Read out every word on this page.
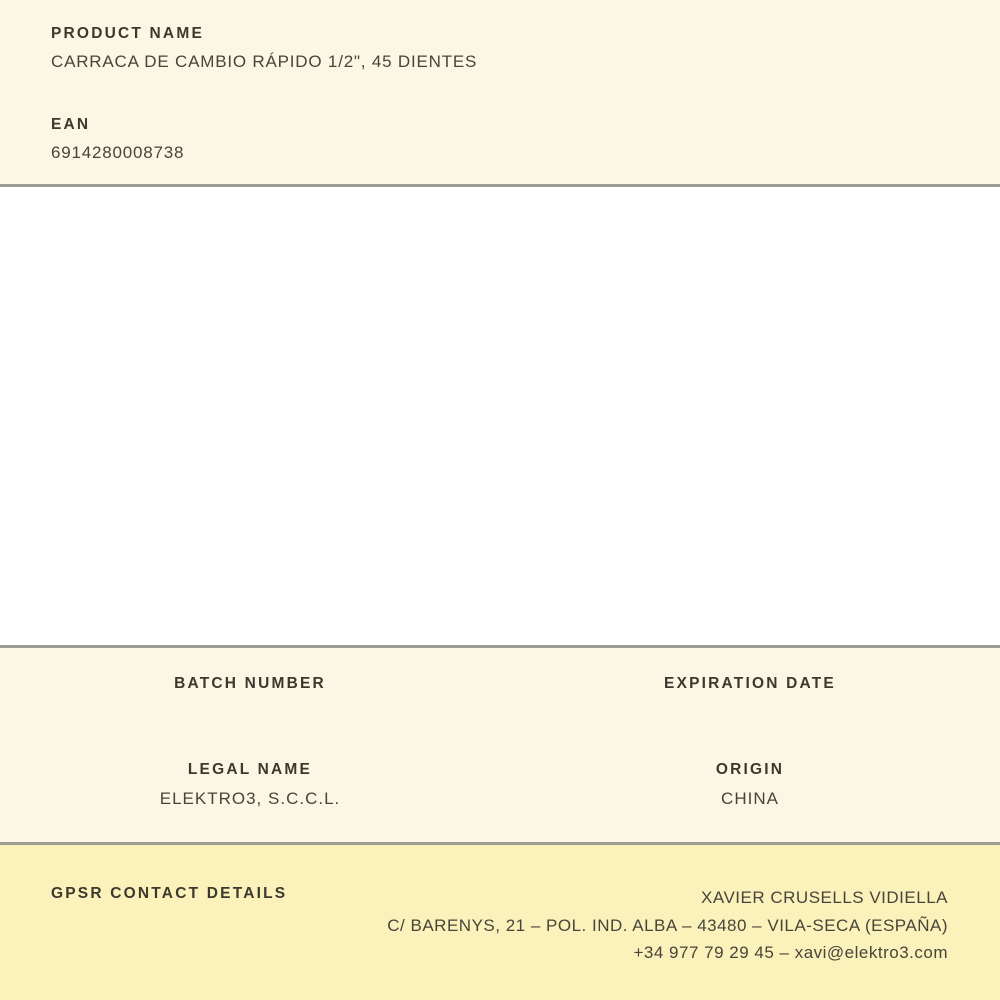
PRODUCT NAME
CARRACA DE CAMBIO RÁPIDO 1/2", 45 DIENTES
EAN
6914280008738
BATCH NUMBER	EXPIRATION DATE
LEGAL NAME
ELEKTRO3, S.C.C.L.
ORIGIN
CHINA
GPSR CONTACT DETAILS	XAVIER CRUSELLS VIDIELLA
C/ BARENYS, 21 – POL. IND. ALBA – 43480 – VILA-SECA (ESPAÑA)
+34 977 79 29 45 – xavi@elektro3.com
